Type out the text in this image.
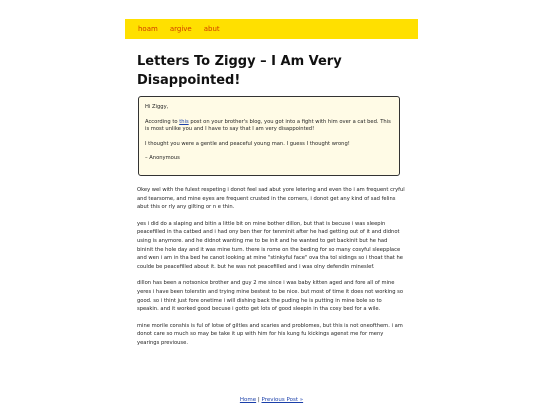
hoam argive abut
Letters To Ziggy – I Am Very Disappointed!

Hi Ziggy,

According to this post on your brother's blog, you got into a fight with him over a cat bed. This is most unlike you and I have to say that I am very disappointed!

I thought you were a gentle and peaceful young man. I guess I thought wrong!

– Anonymous

Okey wel with the fulest respeting i donot feel sad abut yore letering and even tho i am frequent cryful and tearsome, and mine eyes are frequent crusted in the corners, i donot get any kind of sad felins abut this or rly any gilting or n e thin.

yes i did do a slaping and bitin a little bit on mine bother dillon, but that is becuse i was sleepin peacefilled in tha catbed and i had ony ben ther for tenminit after he had getting out of it and didnot using is anymore. and he didnot wanting me to be init and he wanted to get backinit but he had bininit the hole day and it was mine turn. there is rome on the beding for so many cosyful sleepplace and wen i am in tha bed he canot looking at mine "stinkyful face" ova tha tol sidings so i thoat that he coulde be peacefilled about it. but he was not peacefilled and i was olny defendin mineslef.

dillon has been a notsonice brother and guy 2 me since i was baby kitten aged and fore all of mine yeres i have been tolerstin and trying mine bestest to be nice. but most of time it does not working so good. so i thint just fore onetime i will dishing back the puding he is putting in mine bole so to speakin. and it worked good becuse i gotto get lots of good sleepin in tha cosy bed for a wile.

mine morile conshis is ful of lotse of giltles and scaries and problomes, but this is not oneofthem. i am donot care so much so may be take it up with him for his kung fu kickings agenst me for meny yearings previouse.

Home | Previous Post »
